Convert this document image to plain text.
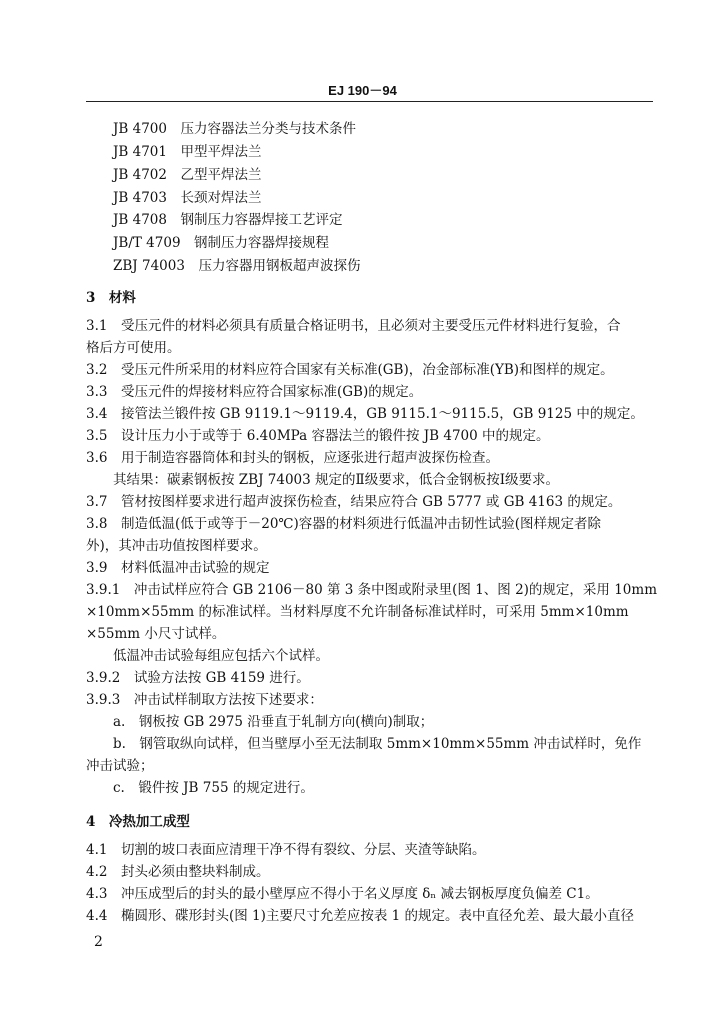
EJ 190－94
JB 4700　压力容器法兰分类与技术条件
JB 4701　甲型平焊法兰
JB 4702　乙型平焊法兰
JB 4703　长颈对焊法兰
JB 4708　钢制压力容器焊接工艺评定
JB/T 4709　钢制压力容器焊接规程
ZBJ 74003　压力容器用钢板超声波探伤
3　材料
3.1　受压元件的材料必须具有质量合格证明书，且必须对主要受压元件材料进行复验，合
格后方可使用。
3.2　受压元件所采用的材料应符合国家有关标准(GB)，冶金部标准(YB)和图样的规定。
3.3　受压元件的焊接材料应符合国家标准(GB)的规定。
3.4　接管法兰锻件按 GB 9119.1～9119.4，GB 9115.1～9115.5，GB 9125 中的规定。
3.5　设计压力小于或等于 6.40MPa 容器法兰的锻件按 JB 4700 中的规定。
3.6　用于制造容器筒体和封头的钢板，应逐张进行超声波探伤检查。
其结果：碳素钢板按 ZBJ 74003 规定的Ⅱ级要求，低合金钢板按Ⅰ级要求。
3.7　管材按图样要求进行超声波探伤检查，结果应符合 GB 5777 或 GB 4163 的规定。
3.8　制造低温(低于或等于－20℃)容器的材料须进行低温冲击韧性试验(图样规定者除
外)，其冲击功值按图样要求。
3.9　材料低温冲击试验的规定
3.9.1　冲击试样应符合 GB 2106－80 第 3 条中图或附录里(图 1、图 2)的规定，采用 10mm
×10mm×55mm 的标准试样。当材料厚度不允许制备标准试样时，可采用 5mm×10mm
×55mm 小尺寸试样。
低温冲击试验每组应包括六个试样。
3.9.2　试验方法按 GB 4159 进行。
3.9.3　冲击试样制取方法按下述要求：
a.　钢板按 GB 2975 沿垂直于轧制方向(横向)制取；
b.　钢管取纵向试样，但当壁厚小至无法制取 5mm×10mm×55mm 冲击试样时，免作
冲击试验；
c.　锻件按 JB 755 的规定进行。
4　冷热加工成型
4.1　切割的坡口表面应清理干净不得有裂纹、分层、夹渣等缺陷。
4.2　封头必须由整块料制成。
4.3　冲压成型后的封头的最小壁厚应不得小于名义厚度 δₙ 减去钢板厚度负偏差 C1。
4.4　椭圆形、碟形封头(图 1)主要尺寸允差应按表 1 的规定。表中直径允差、最大最小直径
2
